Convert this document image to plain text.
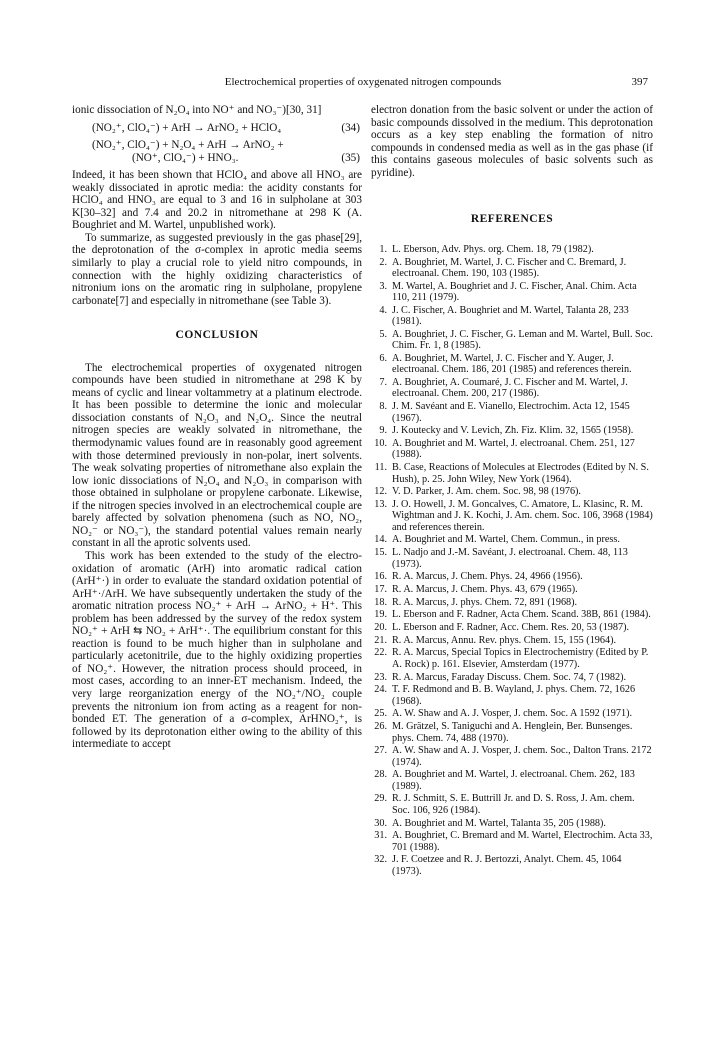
Electrochemical properties of oxygenated nitrogen compounds	397

ionic dissociation of N₂O₄ into NO⁺ and NO₃⁻)[30, 31]

(NO₂⁺, ClO₄⁻) + ArH → ArNO₂ + HClO₄	(34)
(NO₂⁺, ClO₄⁻) + N₂O₄ + ArH → ArNO₂ +
(NO⁺, ClO₄⁻) + HNO₃.	(35)

Indeed, it has been shown that HClO₄ and above all HNO₃ are weakly dissociated in aprotic media: the acidity constants for HClO₄ and HNO₃ are equal to 3 and 16 in sulpholane at 303 K[30–32] and 7.4 and 20.2 in nitromethane at 298 K (A. Boughriet and M. Wartel, unpublished work).

To summarize, as suggested previously in the gas phase[29], the deprotonation of the σ-complex in aprotic media seems similarly to play a crucial role to yield nitro compounds, in connection with the highly oxidizing characteristics of nitronium ions on the aromatic ring in sulpholane, propylene carbonate[7] and especially in nitromethane (see Table 3).

CONCLUSION

The electrochemical properties of oxygenated nitrogen compounds have been studied in nitromethane at 298 K by means of cyclic and linear voltammetry at a platinum electrode. It has been possible to determine the ionic and molecular dissociation constants of N₂O₃ and N₂O₄. Since the neutral nitrogen species are weakly solvated in nitromethane, the thermodynamic values found are in reasonably good agreement with those determined previously in non-polar, inert solvents. The weak solvating properties of nitromethane also explain the low ionic dissociations of N₂O₄ and N₂O₃ in comparison with those obtained in sulpholane or propylene carbonate. Likewise, if the nitrogen species involved in an electrochemical couple are barely affected by solvation phenomena (such as NO, NO₂, NO₂⁻ or NO₃⁻), the standard potential values remain nearly constant in all the aprotic solvents used.

This work has been extended to the study of the electro-oxidation of aromatic (ArH) into aromatic radical cation (ArH⁺·) in order to evaluate the standard oxidation potential of ArH⁺·/ArH. We have subsequently undertaken the study of the aromatic nitration process NO₂⁺ + ArH → ArNO₂ + H⁺. This problem has been addressed by the survey of the redox system NO₂⁺ + ArH ⇆ NO₂ + ArH⁺·. The equilibrium constant for this reaction is found to be much higher than in sulpholane and particularly acetonitrile, due to the highly oxidizing properties of NO₂⁺. However, the nitration process should proceed, in most cases, according to an inner-ET mechanism. Indeed, the very large reorganization energy of the NO₂⁺/NO₂ couple prevents the nitronium ion from acting as a reagent for non-bonded ET. The generation of a σ-complex, ArHNO₂⁺, is followed by its deprotonation either owing to the ability of this intermediate to accept

electron donation from the basic solvent or under the action of basic compounds dissolved in the medium. This deprotonation occurs as a key step enabling the formation of nitro compounds in condensed media as well as in the gas phase (if this contains gaseous molecules of basic solvents such as pyridine).

REFERENCES
1. L. Eberson, Adv. Phys. org. Chem. 18, 79 (1982).
2. A. Boughriet, M. Wartel, J. C. Fischer and C. Bremard, J. electroanal. Chem. 190, 103 (1985).
3. M. Wartel, A. Boughriet and J. C. Fischer, Anal. Chim. Acta 110, 211 (1979).
4. J. C. Fischer, A. Boughriet and M. Wartel, Talanta 28, 233 (1981).
5. A. Boughriet, J. C. Fischer, G. Leman and M. Wartel, Bull. Soc. Chim. Fr. 1, 8 (1985).
6. A. Boughriet, M. Wartel, J. C. Fischer and Y. Auger, J. electroanal. Chem. 186, 201 (1985) and references therein.
7. A. Boughriet, A. Coumaré, J. C. Fischer and M. Wartel, J. electroanal. Chem. 200, 217 (1986).
8. J. M. Savéant and E. Vianello, Electrochim. Acta 12, 1545 (1967).
9. J. Koutecky and V. Levich, Zh. Fiz. Klim. 32, 1565 (1958).
10. A. Boughriet and M. Wartel, J. electroanal. Chem. 251, 127 (1988).
11. B. Case, Reactions of Molecules at Electrodes (Edited by N. S. Hush), p. 25. John Wiley, New York (1964).
12. V. D. Parker, J. Am. chem. Soc. 98, 98 (1976).
13. J. O. Howell, J. M. Goncalves, C. Amatore, L. Klasinc, R. M. Wightman and J. K. Kochi, J. Am. chem. Soc. 106, 3968 (1984) and references therein.
14. A. Boughriet and M. Wartel, Chem. Commun., in press.
15. L. Nadjo and J.-M. Savéant, J. electroanal. Chem. 48, 113 (1973).
16. R. A. Marcus, J. Chem. Phys. 24, 4966 (1956).
17. R. A. Marcus, J. Chem. Phys. 43, 679 (1965).
18. R. A. Marcus, J. phys. Chem. 72, 891 (1968).
19. L. Eberson and F. Radner, Acta Chem. Scand. 38B, 861 (1984).
20. L. Eberson and F. Radner, Acc. Chem. Res. 20, 53 (1987).
21. R. A. Marcus, Annu. Rev. phys. Chem. 15, 155 (1964).
22. R. A. Marcus, Special Topics in Electrochemistry (Edited by P. A. Rock) p. 161. Elsevier, Amsterdam (1977).
23. R. A. Marcus, Faraday Discuss. Chem. Soc. 74, 7 (1982).
24. T. F. Redmond and B. B. Wayland, J. phys. Chem. 72, 1626 (1968).
25. A. W. Shaw and A. J. Vosper, J. chem. Soc. A 1592 (1971).
26. M. Grätzel, S. Taniguchi and A. Henglein, Ber. Bunsenges. phys. Chem. 74, 488 (1970).
27. A. W. Shaw and A. J. Vosper, J. chem. Soc., Dalton Trans. 2172 (1974).
28. A. Boughriet and M. Wartel, J. electroanal. Chem. 262, 183 (1989).
29. R. J. Schmitt, S. E. Buttrill Jr. and D. S. Ross, J. Am. chem. Soc. 106, 926 (1984).
30. A. Boughriet and M. Wartel, Talanta 35, 205 (1988).
31. A. Boughriet, C. Bremard and M. Wartel, Electrochim. Acta 33, 701 (1988).
32. J. F. Coetzee and R. J. Bertozzi, Analyt. Chem. 45, 1064 (1973).
